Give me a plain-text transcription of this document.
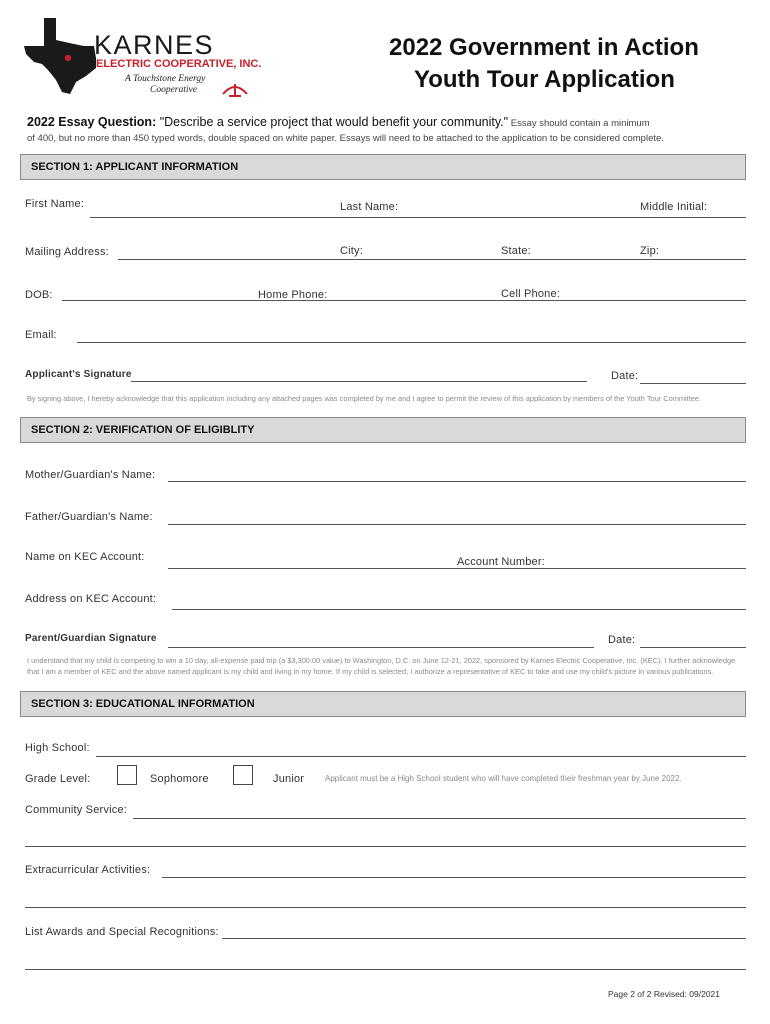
KARNES
ELECTRIC COOPERATIVE, INC.
A Touchstone Energy
Cooperative
2022 Government in Action
Youth Tour Application
2022 Essay Question: "Describe a service project that would benefit your community." Essay should contain a minimum
of 400, but no more than 450 typed words, double spaced on white paper. Essays will need to be attached to the application to be considered complete.
SECTION 1: APPLICANT INFORMATION
First Name:	Last Name:	Middle Initial:
Mailing Address:	City:	State:	Zip:
DOB:	Home Phone:	Cell Phone:
Email:
Applicant's Signature	Date:
By signing above, I hereby acknowledge that this application including any attached pages was completed by me and I agree to permit the review of this application by members of the Youth Tour Committee.
SECTION 2: VERIFICATION OF ELIGIBLITY
Mother/Guardian's Name:
Father/Guardian's Name:
Name on KEC Account:	Account Number:
Address on KEC Account:
Parent/Guardian Signature	Date:
I understand that my child is competing to win a 10 day, all-expense paid trip (a $3,300.00 value) to Washington, D.C. on June 12-21, 2022, sponsored by Karnes Electric Cooperative, Inc. (KEC). I further acknowledge that I am a member of KEC and the above named applicant is my child and living in my home. If my child is selected, I authorize a representative of KEC to take and use my child's picture in various publications.
SECTION 3: EDUCATIONAL INFORMATION
High School:
Grade Level:	Sophomore	Junior	Applicant must be a High School student who will have completed their freshman year by June 2022.
Community Service:
Extracurricular Activities:
List Awards and Special Recognitions:
Page 2 of 2 Revised: 09/2021
